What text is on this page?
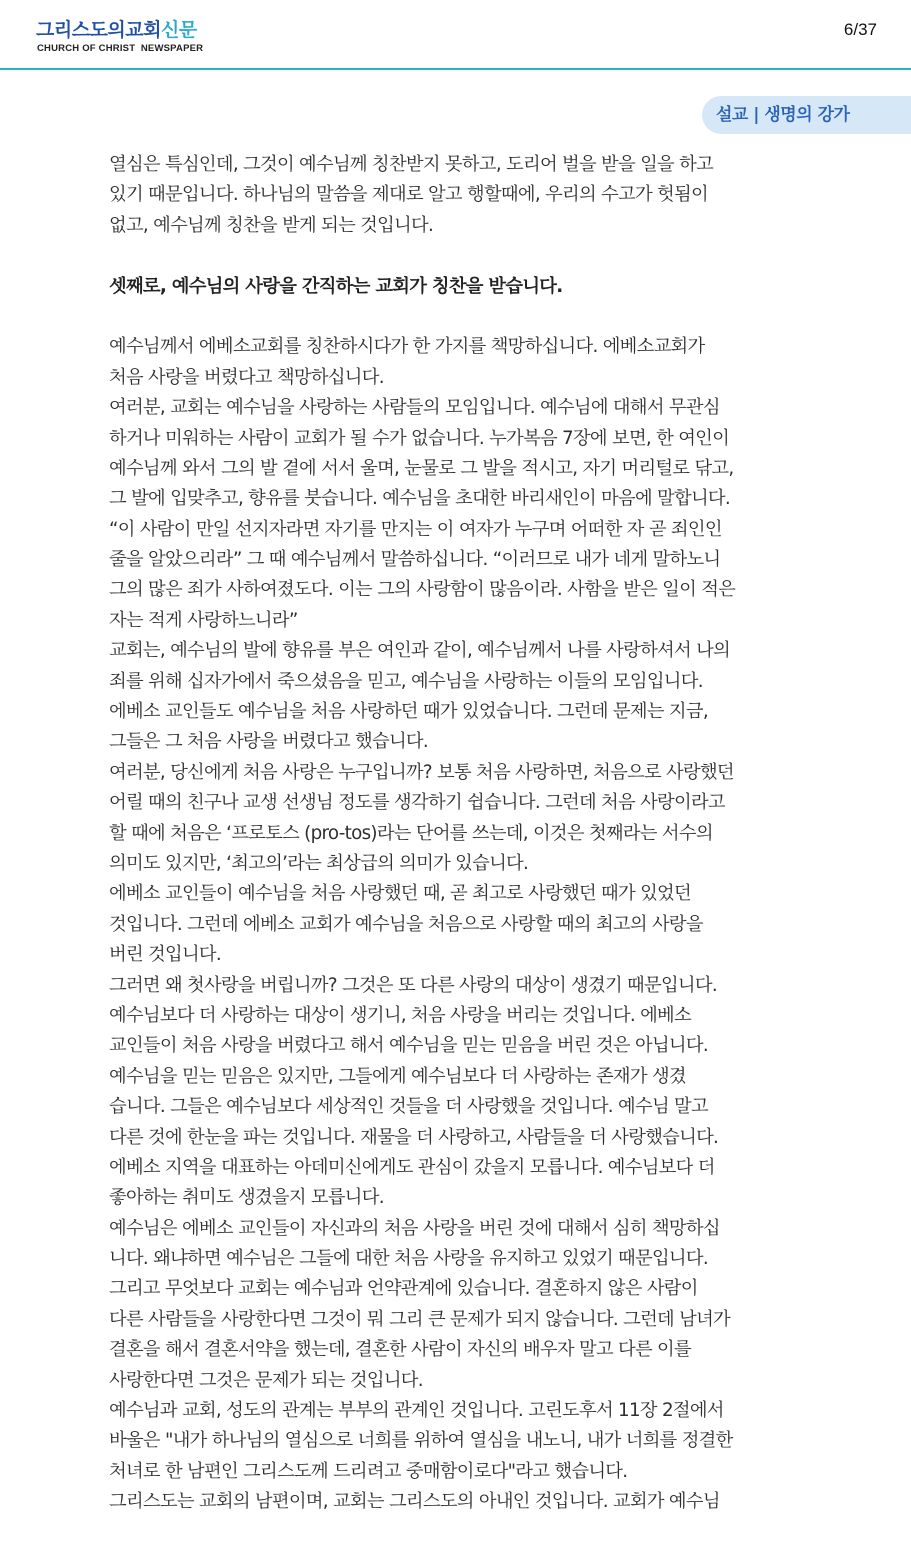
그리스도의교회신문
CHURCH OF CHRIST  NEWSPAPER
6/37
설교 | 생명의 강가
열심은 특심인데, 그것이 예수님께 칭찬받지 못하고, 도리어 벌을 받을 일을 하고
있기 때문입니다. 하나님의 말씀을 제대로 알고 행할때에, 우리의 수고가 헛됨이
없고, 예수님께 칭찬을 받게 되는 것입니다.
셋째로, 예수님의 사랑을 간직하는 교회가 칭찬을 받습니다.
예수님께서 에베소교회를 칭찬하시다가 한 가지를 책망하십니다. 에베소교회가
처음 사랑을 버렸다고 책망하십니다.
여러분, 교회는 예수님을 사랑하는 사람들의 모임입니다. 예수님에 대해서 무관심
하거나 미워하는 사람이 교회가 될 수가 없습니다. 누가복음 7장에 보면, 한 여인이
예수님께 와서 그의 발 곁에 서서 울며, 눈물로 그 발을 적시고, 자기 머리털로 닦고,
그 발에 입맞추고, 향유를 붓습니다. 예수님을 초대한 바리새인이 마음에 말합니다.
“이 사람이 만일 선지자라면 자기를 만지는 이 여자가 누구며 어떠한 자 곧 죄인인
줄을 알았으리라” 그 때 예수님께서 말씀하십니다. “이러므로 내가 네게 말하노니
그의 많은 죄가 사하여졌도다. 이는 그의 사랑함이 많음이라. 사함을 받은 일이 적은
자는 적게 사랑하느니라”
교회는, 예수님의 발에 향유를 부은 여인과 같이, 예수님께서 나를 사랑하셔서 나의
죄를 위해 십자가에서 죽으셨음을 믿고, 예수님을 사랑하는 이들의 모임입니다.
에베소 교인들도 예수님을 처음 사랑하던 때가 있었습니다. 그런데 문제는 지금,
그들은 그 처음 사랑을 버렸다고 했습니다.
여러분, 당신에게 처음 사랑은 누구입니까? 보통 처음 사랑하면, 처음으로 사랑했던
어릴 때의 친구나 교생 선생님 정도를 생각하기 쉽습니다. 그런데 처음 사랑이라고
할 때에 처음은 ‘프로토스 (pro-tos)라는 단어를 쓰는데, 이것은 첫째라는 서수의
의미도 있지만, ‘최고의’라는 최상급의 의미가 있습니다.
에베소 교인들이 예수님을 처음 사랑했던 때, 곧 최고로 사랑했던 때가 있었던
것입니다. 그런데 에베소 교회가 예수님을 처음으로 사랑할 때의 최고의 사랑을
버린 것입니다.
그러면 왜 첫사랑을 버립니까? 그것은 또 다른 사랑의 대상이 생겼기 때문입니다.
예수님보다 더 사랑하는 대상이 생기니, 처음 사랑을 버리는 것입니다. 에베소
교인들이 처음 사랑을 버렸다고 해서 예수님을 믿는 믿음을 버린 것은 아닙니다.
예수님을 믿는 믿음은 있지만, 그들에게 예수님보다 더 사랑하는 존재가 생겼
습니다. 그들은 예수님보다 세상적인 것들을 더 사랑했을 것입니다. 예수님 말고
다른 것에 한눈을 파는 것입니다. 재물을 더 사랑하고, 사람들을 더 사랑했습니다.
에베소 지역을 대표하는 아데미신에게도 관심이 갔을지 모릅니다. 예수님보다 더
좋아하는 취미도 생겼을지 모릅니다.
예수님은 에베소 교인들이 자신과의 처음 사랑을 버린 것에 대해서 심히 책망하십
니다. 왜냐하면 예수님은 그들에 대한 처음 사랑을 유지하고 있었기 때문입니다.
그리고 무엇보다 교회는 예수님과 언약관계에 있습니다. 결혼하지 않은 사람이
다른 사람들을 사랑한다면 그것이 뭐 그리 큰 문제가 되지 않습니다. 그런데 남녀가
결혼을 해서 결혼서약을 했는데, 결혼한 사람이 자신의 배우자 말고 다른 이를
사랑한다면 그것은 문제가 되는 것입니다.
예수님과 교회, 성도의 관계는 부부의 관계인 것입니다. 고린도후서 11장 2절에서
바울은 "내가 하나님의 열심으로 너희를 위하여 열심을 내노니, 내가 너희를 정결한
처녀로 한 남편인 그리스도께 드리려고 중매함이로다"라고 했습니다.
그리스도는 교회의 남편이며, 교회는 그리스도의 아내인 것입니다. 교회가 예수님
